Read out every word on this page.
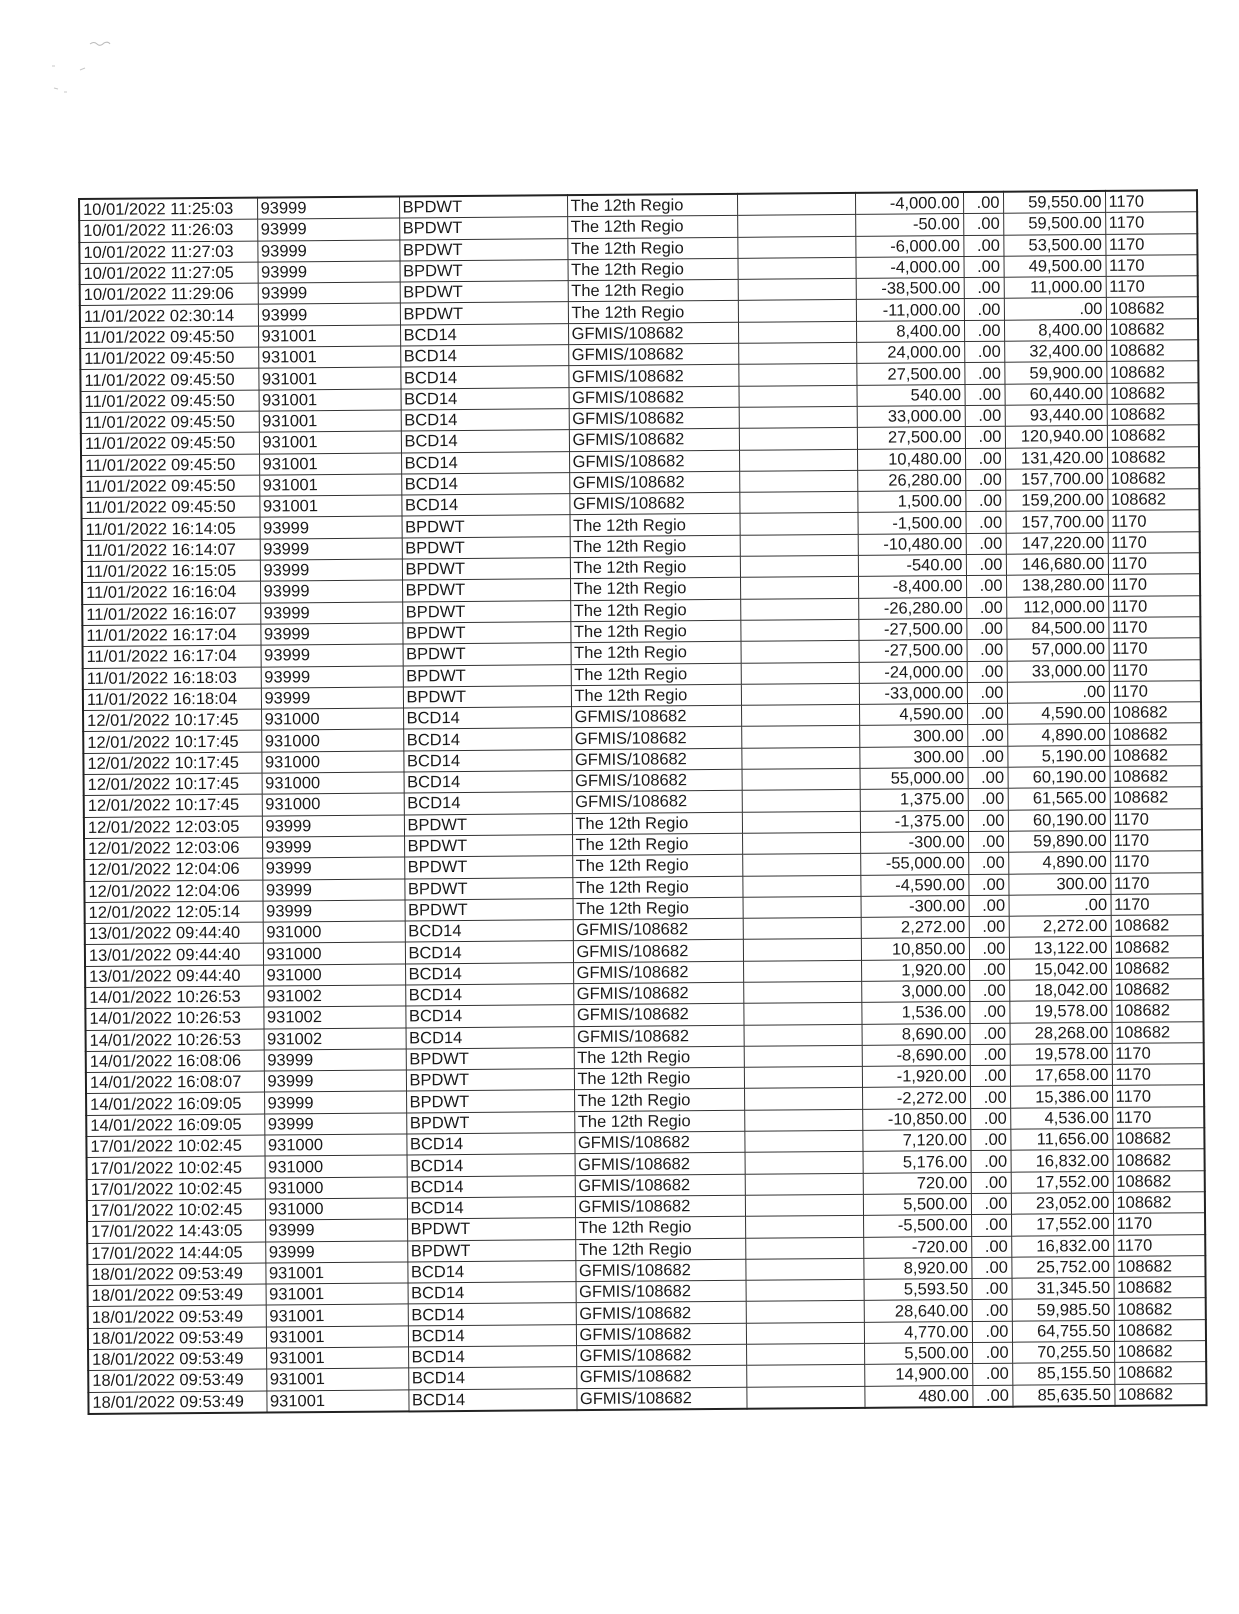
10/01/2022 11:25:03	93999	BPDWT	The 12th Regio		-4,000.00	.00	59,550.00	1170
10/01/2022 11:26:03	93999	BPDWT	The 12th Regio		-50.00	.00	59,500.00	1170
10/01/2022 11:27:03	93999	BPDWT	The 12th Regio		-6,000.00	.00	53,500.00	1170
10/01/2022 11:27:05	93999	BPDWT	The 12th Regio		-4,000.00	.00	49,500.00	1170
10/01/2022 11:29:06	93999	BPDWT	The 12th Regio		-38,500.00	.00	11,000.00	1170
11/01/2022 02:30:14	93999	BPDWT	The 12th Regio		-11,000.00	.00	.00	108682
11/01/2022 09:45:50	931001	BCD14	GFMIS/108682		8,400.00	.00	8,400.00	108682
11/01/2022 09:45:50	931001	BCD14	GFMIS/108682		24,000.00	.00	32,400.00	108682
11/01/2022 09:45:50	931001	BCD14	GFMIS/108682		27,500.00	.00	59,900.00	108682
11/01/2022 09:45:50	931001	BCD14	GFMIS/108682		540.00	.00	60,440.00	108682
11/01/2022 09:45:50	931001	BCD14	GFMIS/108682		33,000.00	.00	93,440.00	108682
11/01/2022 09:45:50	931001	BCD14	GFMIS/108682		27,500.00	.00	120,940.00	108682
11/01/2022 09:45:50	931001	BCD14	GFMIS/108682		10,480.00	.00	131,420.00	108682
11/01/2022 09:45:50	931001	BCD14	GFMIS/108682		26,280.00	.00	157,700.00	108682
11/01/2022 09:45:50	931001	BCD14	GFMIS/108682		1,500.00	.00	159,200.00	108682
11/01/2022 16:14:05	93999	BPDWT	The 12th Regio		-1,500.00	.00	157,700.00	1170
11/01/2022 16:14:07	93999	BPDWT	The 12th Regio		-10,480.00	.00	147,220.00	1170
11/01/2022 16:15:05	93999	BPDWT	The 12th Regio		-540.00	.00	146,680.00	1170
11/01/2022 16:16:04	93999	BPDWT	The 12th Regio		-8,400.00	.00	138,280.00	1170
11/01/2022 16:16:07	93999	BPDWT	The 12th Regio		-26,280.00	.00	112,000.00	1170
11/01/2022 16:17:04	93999	BPDWT	The 12th Regio		-27,500.00	.00	84,500.00	1170
11/01/2022 16:17:04	93999	BPDWT	The 12th Regio		-27,500.00	.00	57,000.00	1170
11/01/2022 16:18:03	93999	BPDWT	The 12th Regio		-24,000.00	.00	33,000.00	1170
11/01/2022 16:18:04	93999	BPDWT	The 12th Regio		-33,000.00	.00	.00	1170
12/01/2022 10:17:45	931000	BCD14	GFMIS/108682		4,590.00	.00	4,590.00	108682
12/01/2022 10:17:45	931000	BCD14	GFMIS/108682		300.00	.00	4,890.00	108682
12/01/2022 10:17:45	931000	BCD14	GFMIS/108682		300.00	.00	5,190.00	108682
12/01/2022 10:17:45	931000	BCD14	GFMIS/108682		55,000.00	.00	60,190.00	108682
12/01/2022 10:17:45	931000	BCD14	GFMIS/108682		1,375.00	.00	61,565.00	108682
12/01/2022 12:03:05	93999	BPDWT	The 12th Regio		-1,375.00	.00	60,190.00	1170
12/01/2022 12:03:06	93999	BPDWT	The 12th Regio		-300.00	.00	59,890.00	1170
12/01/2022 12:04:06	93999	BPDWT	The 12th Regio		-55,000.00	.00	4,890.00	1170
12/01/2022 12:04:06	93999	BPDWT	The 12th Regio		-4,590.00	.00	300.00	1170
12/01/2022 12:05:14	93999	BPDWT	The 12th Regio		-300.00	.00	.00	1170
13/01/2022 09:44:40	931000	BCD14	GFMIS/108682		2,272.00	.00	2,272.00	108682
13/01/2022 09:44:40	931000	BCD14	GFMIS/108682		10,850.00	.00	13,122.00	108682
13/01/2022 09:44:40	931000	BCD14	GFMIS/108682		1,920.00	.00	15,042.00	108682
14/01/2022 10:26:53	931002	BCD14	GFMIS/108682		3,000.00	.00	18,042.00	108682
14/01/2022 10:26:53	931002	BCD14	GFMIS/108682		1,536.00	.00	19,578.00	108682
14/01/2022 10:26:53	931002	BCD14	GFMIS/108682		8,690.00	.00	28,268.00	108682
14/01/2022 16:08:06	93999	BPDWT	The 12th Regio		-8,690.00	.00	19,578.00	1170
14/01/2022 16:08:07	93999	BPDWT	The 12th Regio		-1,920.00	.00	17,658.00	1170
14/01/2022 16:09:05	93999	BPDWT	The 12th Regio		-2,272.00	.00	15,386.00	1170
14/01/2022 16:09:05	93999	BPDWT	The 12th Regio		-10,850.00	.00	4,536.00	1170
17/01/2022 10:02:45	931000	BCD14	GFMIS/108682		7,120.00	.00	11,656.00	108682
17/01/2022 10:02:45	931000	BCD14	GFMIS/108682		5,176.00	.00	16,832.00	108682
17/01/2022 10:02:45	931000	BCD14	GFMIS/108682		720.00	.00	17,552.00	108682
17/01/2022 10:02:45	931000	BCD14	GFMIS/108682		5,500.00	.00	23,052.00	108682
17/01/2022 14:43:05	93999	BPDWT	The 12th Regio		-5,500.00	.00	17,552.00	1170
17/01/2022 14:44:05	93999	BPDWT	The 12th Regio		-720.00	.00	16,832.00	1170
18/01/2022 09:53:49	931001	BCD14	GFMIS/108682		8,920.00	.00	25,752.00	108682
18/01/2022 09:53:49	931001	BCD14	GFMIS/108682		5,593.50	.00	31,345.50	108682
18/01/2022 09:53:49	931001	BCD14	GFMIS/108682		28,640.00	.00	59,985.50	108682
18/01/2022 09:53:49	931001	BCD14	GFMIS/108682		4,770.00	.00	64,755.50	108682
18/01/2022 09:53:49	931001	BCD14	GFMIS/108682		5,500.00	.00	70,255.50	108682
18/01/2022 09:53:49	931001	BCD14	GFMIS/108682		14,900.00	.00	85,155.50	108682
18/01/2022 09:53:49	931001	BCD14	GFMIS/108682		480.00	.00	85,635.50	108682
